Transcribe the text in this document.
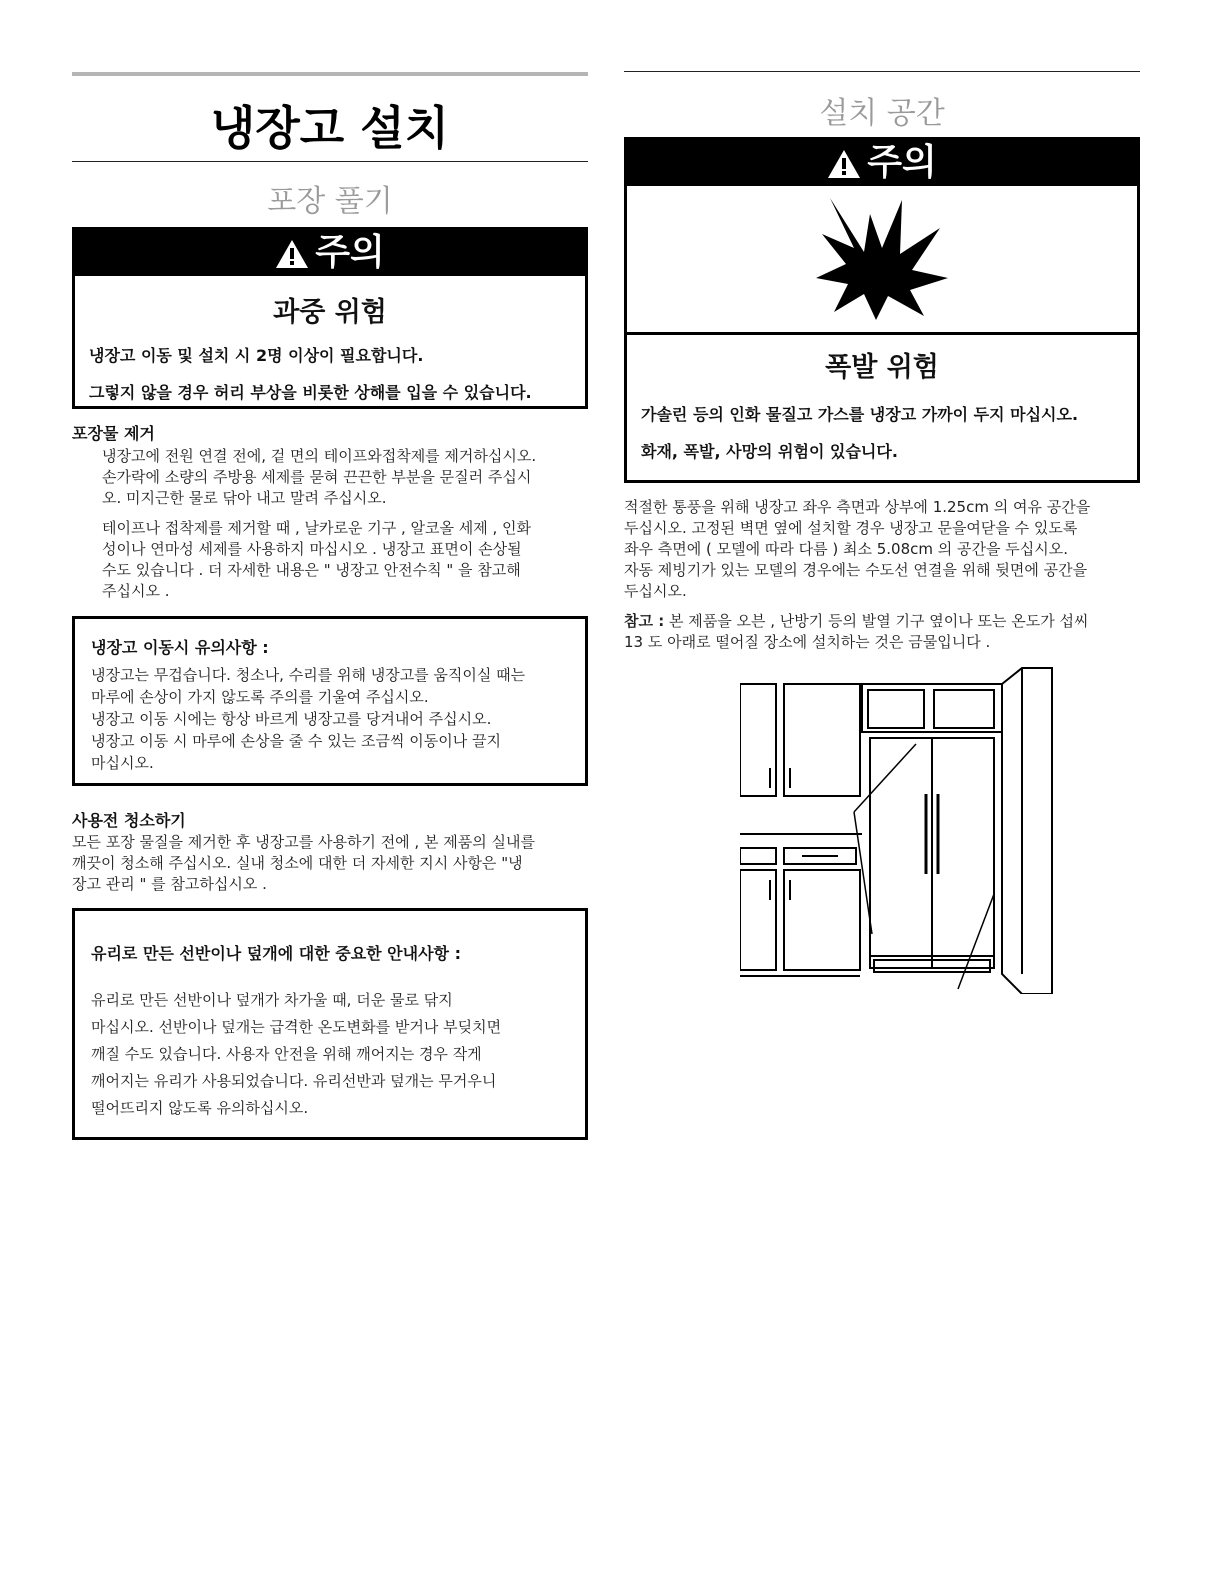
냉장고 설치
포장 풀기
주의
과중 위험
냉장고 이동 및 설치 시 2명 이상이 필요합니다.
그렇지 않을 경우 허리 부상을 비롯한 상해를 입을 수 있습니다.
포장물 제거
냉장고에 전원 연결 전에, 겉 면의 테이프와접착제를 제거하십시오.
손가락에 소량의 주방용 세제를 묻혀 끈끈한 부분을 문질러 주십시
오. 미지근한 물로 닦아 내고 말려 주십시오.
테이프나 접착제를 제거할 때 , 날카로운 기구 , 알코올 세제 , 인화
성이나 연마성 세제를 사용하지 마십시오 . 냉장고 표면이 손상될
수도 있습니다 . 더 자세한 내용은 " 냉장고 안전수칙 " 을 참고해
주십시오 .
냉장고 이동시 유의사항 :
냉장고는 무겁습니다. 청소나, 수리를 위해 냉장고를 움직이실 때는
마루에 손상이 가지 않도록 주의를 기울여 주십시오.
냉장고 이동 시에는 항상 바르게 냉장고를 당겨내어 주십시오.
냉장고 이동 시 마루에 손상을 줄 수 있는 조금씩 이동이나 끌지
마십시오.
사용전 청소하기
모든 포장 물질을 제거한 후 냉장고를 사용하기 전에 , 본 제품의 실내를
깨끗이 청소해 주십시오. 실내 청소에 대한 더 자세한 지시 사항은 "냉
장고 관리 " 를 참고하십시오 .
유리로 만든 선반이나 덮개에 대한 중요한 안내사항 :
유리로 만든 선반이나 덮개가 차가울 때, 더운 물로 닦지
마십시오. 선반이나 덮개는 급격한 온도변화를 받거나 부딪치면
깨질 수도 있습니다. 사용자 안전을 위해 깨어지는 경우 작게
깨어지는 유리가 사용되었습니다. 유리선반과 덮개는 무거우니
떨어뜨리지 않도록 유의하십시오.
설치 공간
주의
폭발 위험
가솔린 등의 인화 물질고 가스를 냉장고 가까이 두지 마십시오.
화재, 폭발, 사망의 위험이 있습니다.
적절한 통풍을 위해 냉장고 좌우 측면과 상부에 1.25cm 의 여유 공간을
두십시오. 고정된 벽면 옆에 설치할 경우 냉장고 문을여닫을 수 있도록
좌우 측면에 ( 모델에 따라 다름 ) 최소 5.08cm 의 공간을 두십시오.
자동 제빙기가 있는 모델의 경우에는 수도선 연결을 위해 뒷면에 공간을
두십시오.
참고 : 본 제품을 오븐 , 난방기 등의 발열 기구 옆이나 또는 온도가 섭씨
13 도 아래로 떨어질 장소에 설치하는 것은 금물입니다 .
